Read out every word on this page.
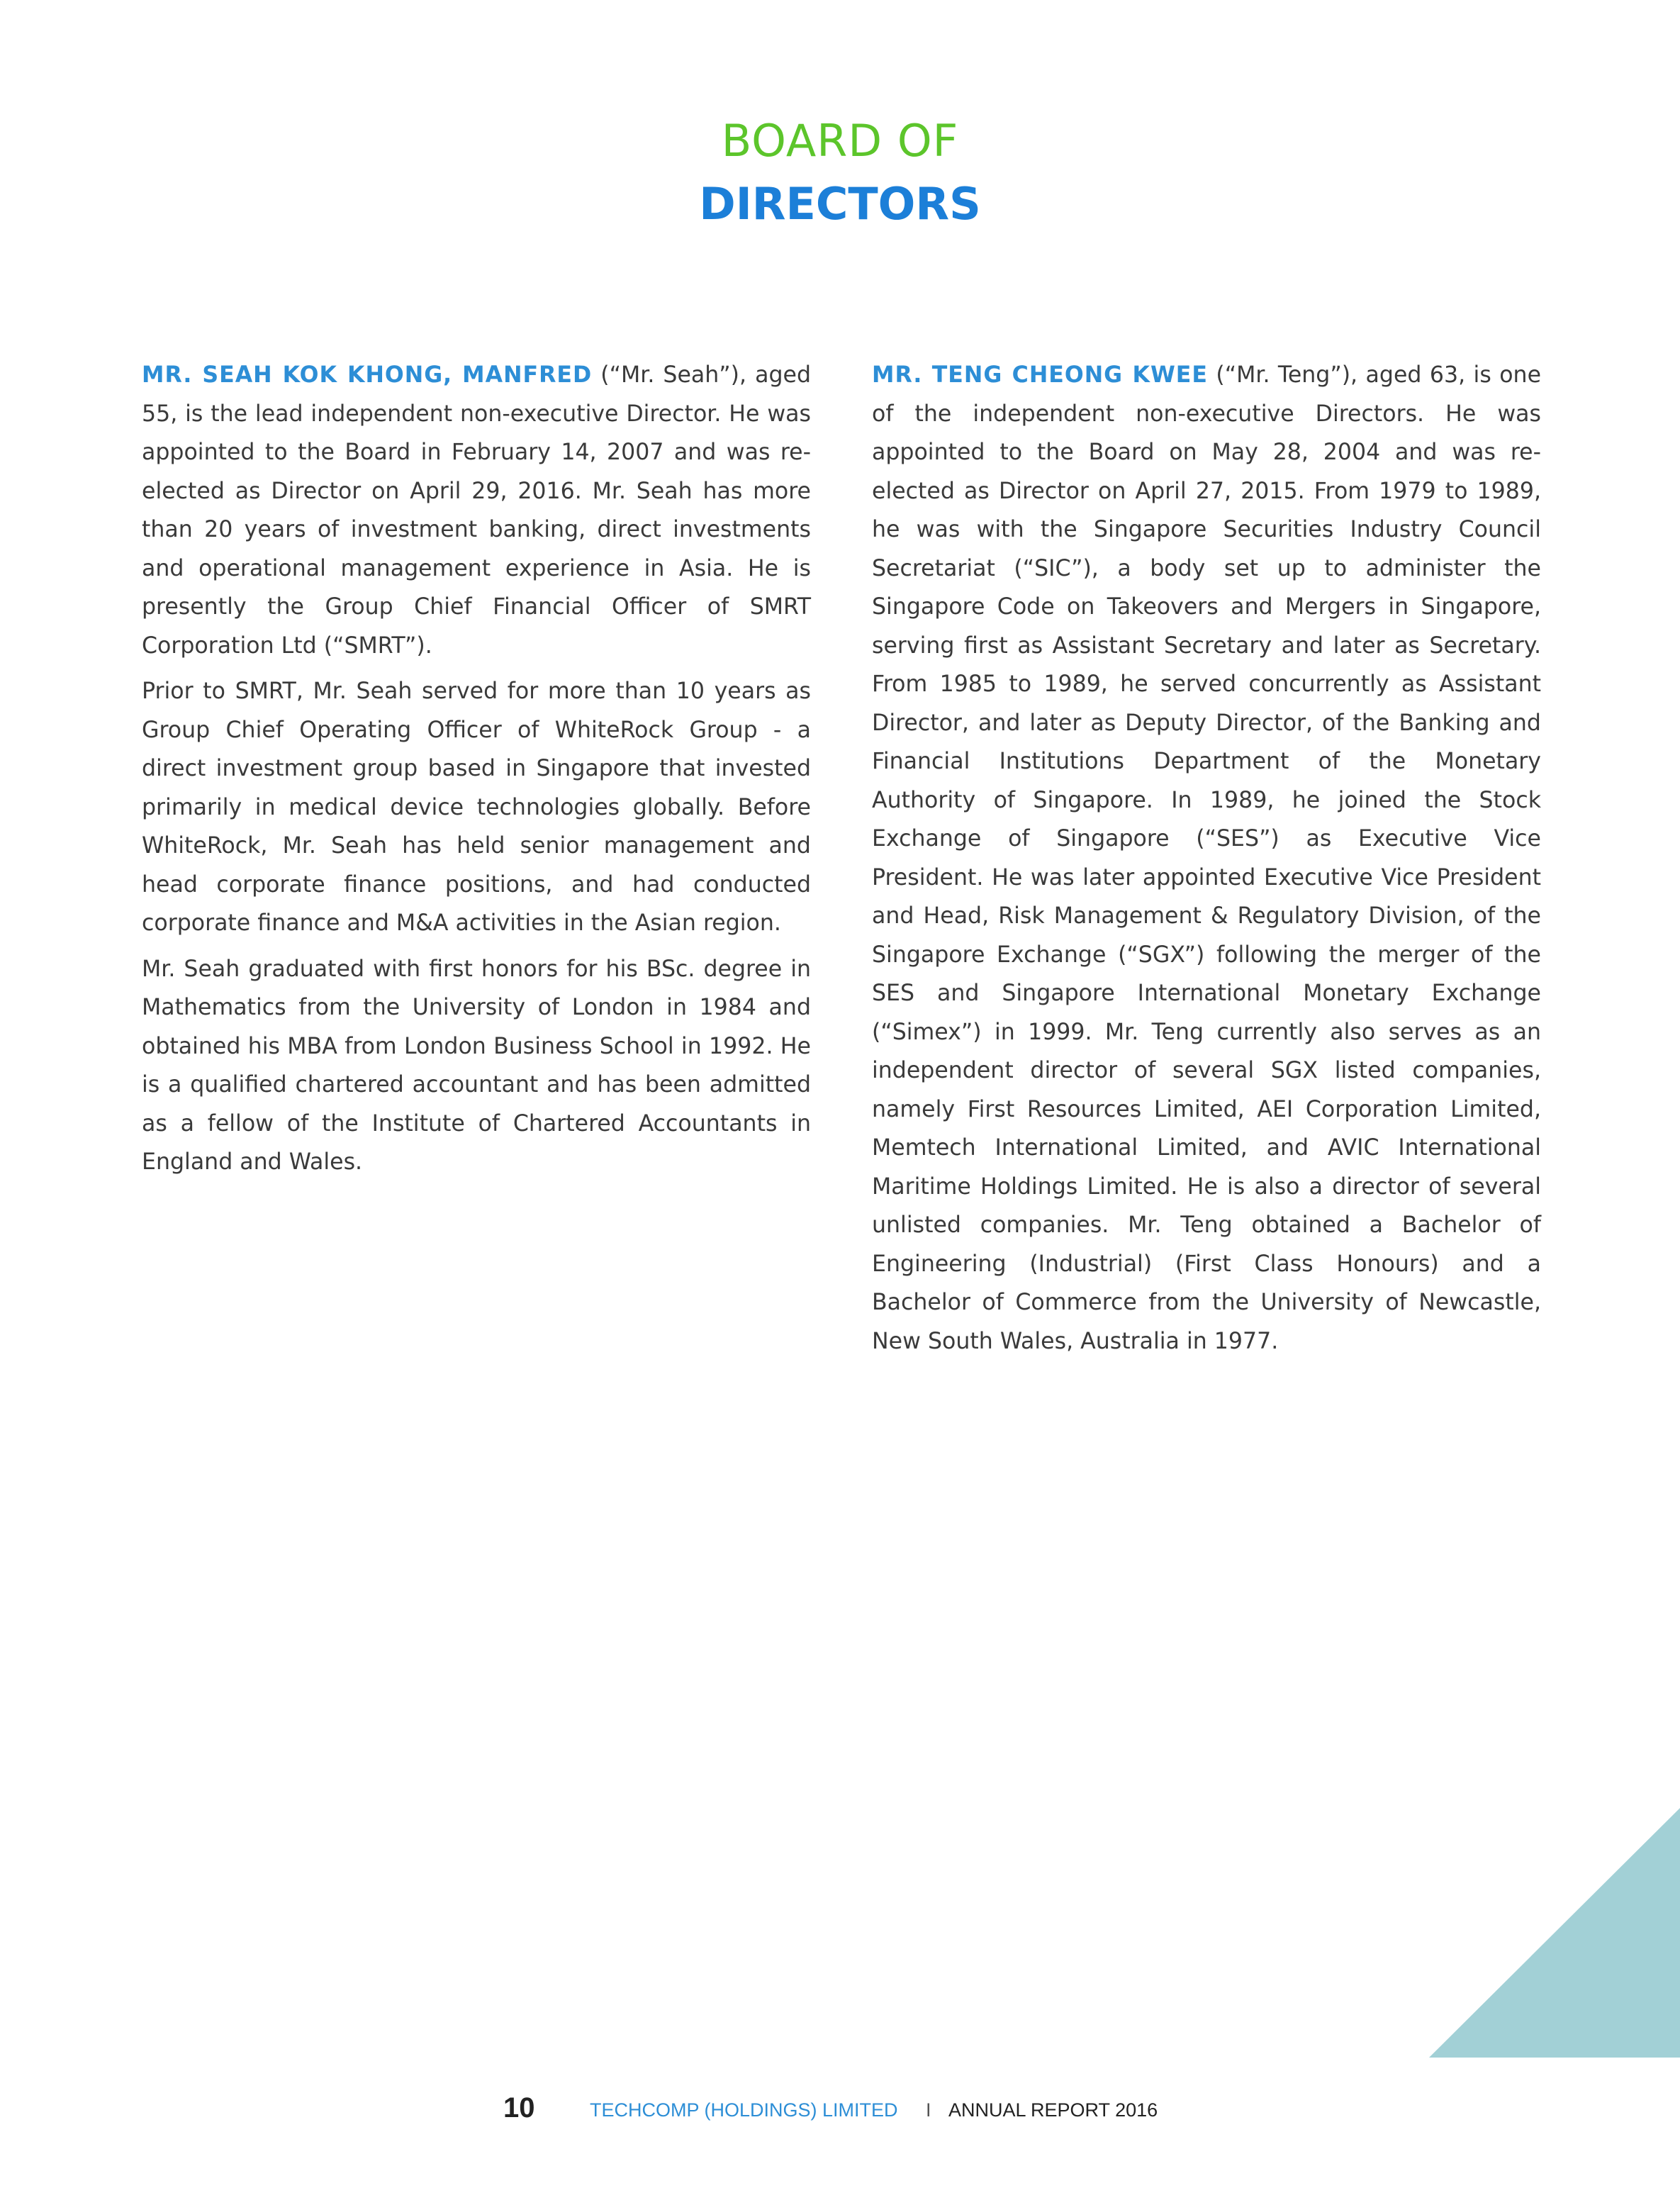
BOARD OF
DIRECTORS

MR. SEAH KOK KHONG, MANFRED (“Mr. Seah”), aged 55, is the lead independent non-executive Director. He was appointed to the Board in February 14, 2007 and was re-elected as Director on April 29, 2016. Mr. Seah has more than 20 years of investment banking, direct investments and operational management experience in Asia. He is presently the Group Chief Financial Officer of SMRT Corporation Ltd (“SMRT”).

Prior to SMRT, Mr. Seah served for more than 10 years as Group Chief Operating Officer of WhiteRock Group - a direct investment group based in Singapore that invested primarily in medical device technologies globally. Before WhiteRock, Mr. Seah has held senior management and head corporate finance positions, and had conducted corporate finance and M&A activities in the Asian region.

Mr. Seah graduated with first honors for his BSc. degree in Mathematics from the University of London in 1984 and obtained his MBA from London Business School in 1992. He is a qualified chartered accountant and has been admitted as a fellow of the Institute of Chartered Accountants in England and Wales.

MR. TENG CHEONG KWEE (“Mr. Teng”), aged 63, is one of the independent non-executive Directors. He was appointed to the Board on May 28, 2004 and was re-elected as Director on April 27, 2015. From 1979 to 1989, he was with the Singapore Securities Industry Council Secretariat (“SIC”), a body set up to administer the Singapore Code on Takeovers and Mergers in Singapore, serving first as Assistant Secretary and later as Secretary. From 1985 to 1989, he served concurrently as Assistant Director, and later as Deputy Director, of the Banking and Financial Institutions Department of the Monetary Authority of Singapore. In 1989, he joined the Stock Exchange of Singapore (“SES”) as Executive Vice President. He was later appointed Executive Vice President and Head, Risk Management & Regulatory Division, of the Singapore Exchange (“SGX”) following the merger of the SES and Singapore International Monetary Exchange (“Simex”) in 1999. Mr. Teng currently also serves as an independent director of several SGX listed companies, namely First Resources Limited, AEI Corporation Limited, Memtech International Limited, and AVIC International Maritime Holdings Limited. He is also a director of several unlisted companies. Mr. Teng obtained a Bachelor of Engineering (Industrial) (First Class Honours) and a Bachelor of Commerce from the University of Newcastle, New South Wales, Australia in 1977.

10	TECHCOMP (HOLDINGS) LIMITED I ANNUAL REPORT 2016
